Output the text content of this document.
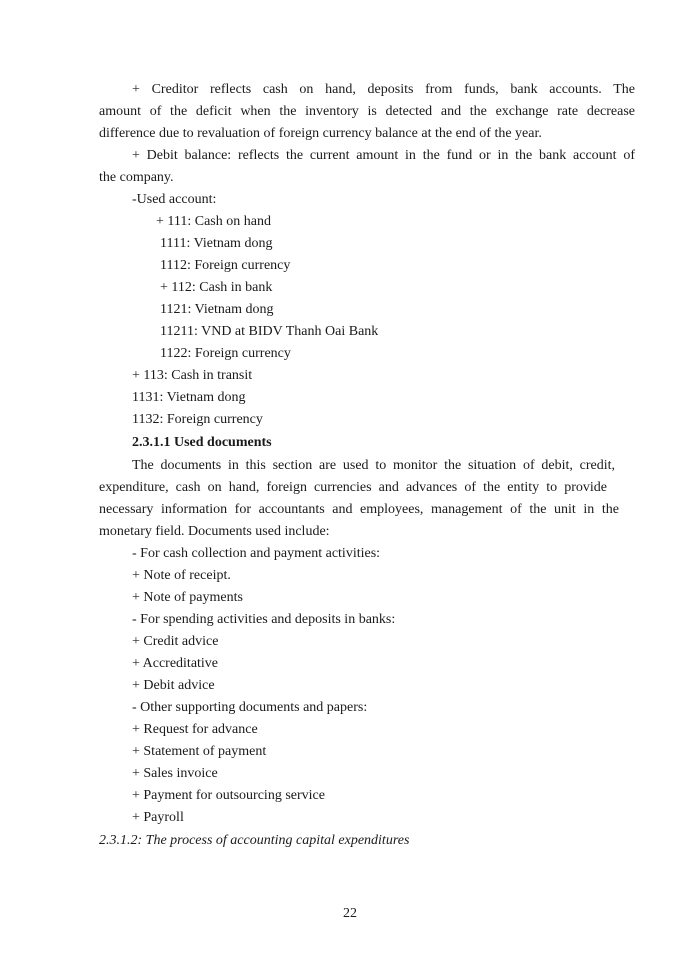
+ Creditor reflects cash on hand, deposits from funds, bank accounts. The
amount of the deficit when the inventory is detected and the exchange rate decrease
difference due to revaluation of foreign currency balance at the end of the year.
+ Debit balance: reflects the current amount in the fund or in the bank account of
the company.
-Used account:
+ 111: Cash on hand
1111: Vietnam dong
1112: Foreign currency
+ 112: Cash in bank
1121: Vietnam dong
11211: VND at BIDV Thanh Oai Bank
1122: Foreign currency
+ 113: Cash in transit
1131: Vietnam dong
1132: Foreign currency
2.3.1.1 Used documents
The documents in this section are used to monitor the situation of debit, credit,
expenditure, cash on hand, foreign currencies and advances of the entity to provide
necessary information for accountants and employees, management of the unit in the
monetary field. Documents used include:
- For cash collection and payment activities:
+ Note of receipt.
+ Note of payments
- For spending activities and deposits in banks:
+ Credit advice
+ Accreditative
+ Debit advice
- Other supporting documents and papers:
+ Request for advance
+ Statement of payment
+ Sales invoice
+ Payment for outsourcing service
+ Payroll
2.3.1.2: The process of accounting capital expenditures
22
